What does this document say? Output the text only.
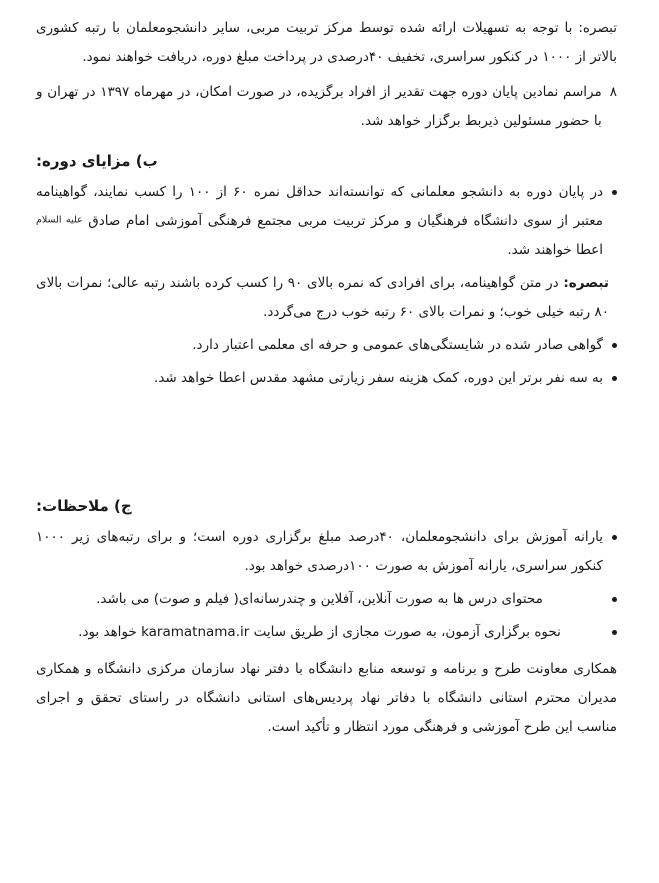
تبصره: با توجه به تسهیلات ارائه شده توسط مرکز تربیت مربی، سایر دانشجومعلمان با رتبه کشوری بالاتر از ۱۰۰۰ در کنکور سراسری، تخفیف ۴۰درصدی در پرداخت مبلغ دوره، دریافت خواهند نمود.

۸

مراسم نمادین پایان دوره جهت تقدیر از افراد برگزیده، در صورت امکان، در مهرماه ۱۳۹۷ در تهران و با حضور مسئولین ذیربط برگزار خواهد شد.

ب) مزایای دوره:

در پایان دوره به دانشجو معلمانی که توانسته‌اند حداقل نمره ۶۰ از ۱۰۰ را کسب نمایند، گواهینامه معتبر از سوی دانشگاه فرهنگیان و مرکز تربیت مربی مجتمع فرهنگی آموزشی امام صادق علیه السلام اعطا خواهند شد.

تبصره: در متن گواهینامه، برای افرادی که نمره بالای ۹۰ را کسب کرده باشند رتبه عالی؛ نمرات بالای ۸۰ رتبه خیلی خوب؛ و نمرات بالای ۶۰ رتبه خوب درج می‌گردد.

گواهی صادر شده در شایستگی‌های عمومی و حرفه ای معلمی اعتبار دارد.

به سه نفر برتر این دوره، کمک هزینه سفر زیارتی مشهد مقدس اعطا خواهد شد.

ج) ملاحظات:

یارانه آموزش برای دانشجومعلمان، ۴۰درصد مبلغ برگزاری دوره است؛ و برای رتبه‌های زیر ۱۰۰۰ کنکور سراسری، یارانه آموزش به صورت ۱۰۰درصدی خواهد بود.

محتوای درس ها به صورت آنلاین، آفلاین و چندرسانه‌ای( فیلم و صوت) می باشد.

نحوه برگزاری آزمون، به صورت مجازی از طریق سایت karamatnama.ir خواهد بود.

همکاری معاونت طرح و برنامه و توسعه منابع دانشگاه با دفتر نهاد سازمان مرکزی دانشگاه و همکاری مدیران محترم استانی دانشگاه با دفاتر نهاد پردیس‌های استانی دانشگاه در راستای تحقق و اجرای مناسب این طرح آموزشی و فرهنگی مورد انتظار و تأکید است.
